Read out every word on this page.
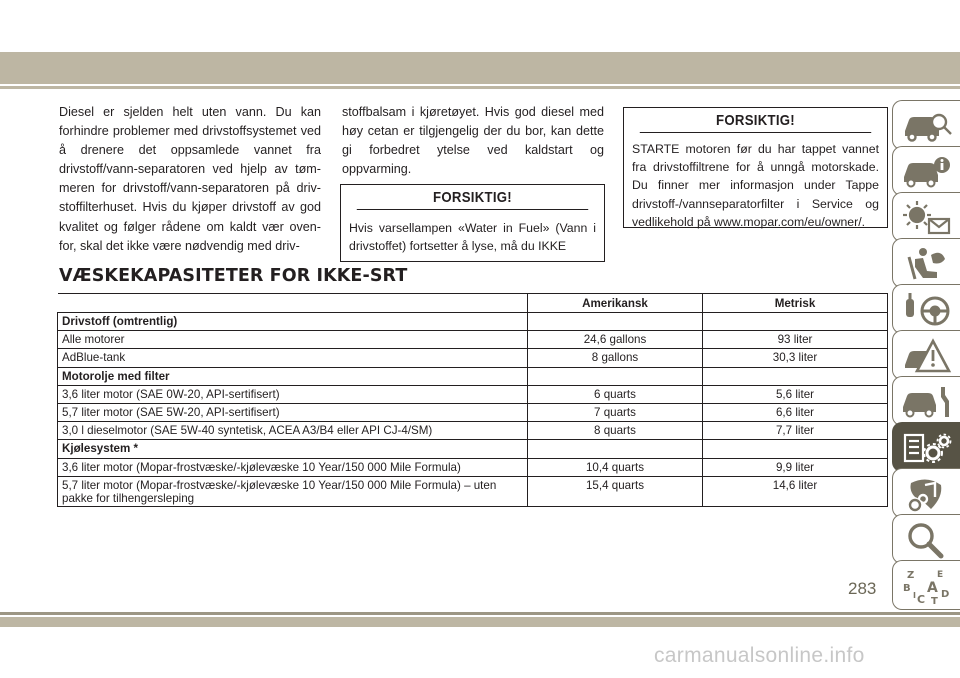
Diesel er sjelden helt uten vann. Du kan forhindre problemer med drivstoffsystemet ved å drenere det oppsamlede vannet fra drivstoff/vann-separatoren ved hjelp av tøm-meren for drivstoff/vann-separatoren på driv-stoffilterhuset. Hvis du kjøper drivstoff av god kvalitet og følger rådene om kaldt vær oven-for, skal det ikke være nødvendig med driv-
stoffbalsam i kjøretøyet. Hvis god diesel med høy cetan er tilgjengelig der du bor, kan dette gi forbedret ytelse ved kaldstart og oppvarming.
FORSIKTIG!
Hvis varsellampen «Water in Fuel» (Vann i drivstoffet) fortsetter å lyse, må du IKKE
FORSIKTIG!
STARTE motoren før du har tappet vannet fra drivstoffiltrene for å unngå motorskade. Du finner mer informasjon under Tappe drivstoff-/vannseparatorfilter i Service og vedlikehold på www.mopar.com/eu/owner/.
VÆSKEKAPASITETER FOR IKKE-SRT
	Amerikansk	Metrisk
Drivstoff (omtrentlig)		
Alle motorer	24,6 gallons	93 liter
AdBlue-tank	8 gallons	30,3 liter
Motorolje med filter		
3,6 liter motor (SAE 0W-20, API-sertifisert)	6 quarts	5,6 liter
5,7 liter motor (SAE 5W-20, API-sertifisert)	7 quarts	6,6 liter
3,0 l dieselmotor (SAE 5W-40 syntetisk, ACEA A3/B4 eller API CJ-4/SM)	8 quarts	7,7 liter
Kjølesystem *		
3,6 liter motor (Mopar-frostvæske/-kjølevæske 10 Year/150 000 Mile Formula)	10,4 quarts	9,9 liter
5,7 liter motor (Mopar-frostvæske/-kjølevæske 10 Year/150 000 Mile Formula) – uten pakke for tilhengersleping	15,4 quarts	14,6 liter
Z	E
B A
I C T
D
283
carmanualsonline.info
